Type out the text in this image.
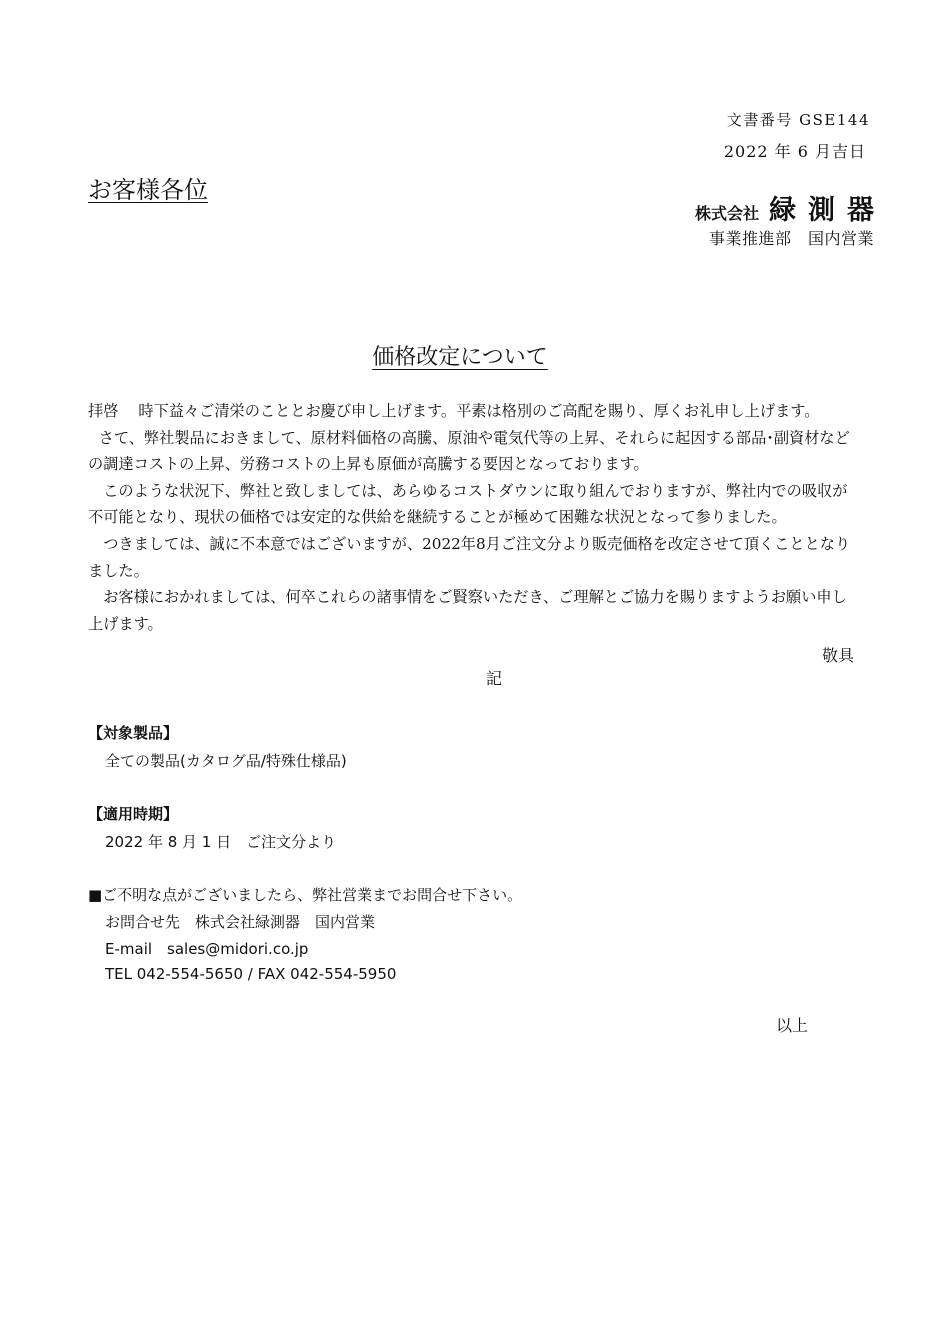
文書番号 GSE144
2022 年 6 月吉日
お客様各位
株式会社 緑測器
事業推進部　国内営業
価格改定について

拝啓　 時下益々ご清栄のこととお慶び申し上げます。平素は格別のご高配を賜り、厚くお礼申し上げます。

さて、弊社製品におきまして、原材料価格の高騰、原油や電気代等の上昇、それらに起因する部品･副資材などの調達コストの上昇、労務コストの上昇も原価が高騰する要因となっております。

このような状況下、弊社と致しましては、あらゆるコストダウンに取り組んでおりますが、弊社内での吸収が不可能となり、現状の価格では安定的な供給を継続することが極めて困難な状況となって参りました。

つきましては、誠に不本意ではございますが、2022年8月ご注文分より販売価格を改定させて頂くこととなりました。

お客様におかれましては、何卒これらの諸事情をご賢察いただき、ご理解とご協力を賜りますようお願い申し上げます。

敬具
記
【対象製品】
全ての製品(カタログ品/特殊仕様品)
【適用時期】
2022 年 8 月 1 日　ご注文分より
■ご不明な点がございましたら、弊社営業までお問合せ下さい。
お問合せ先　株式会社緑測器　国内営業
E-mail　sales@midori.co.jp
TEL 042-554-5650 / FAX 042-554-5950
以上
